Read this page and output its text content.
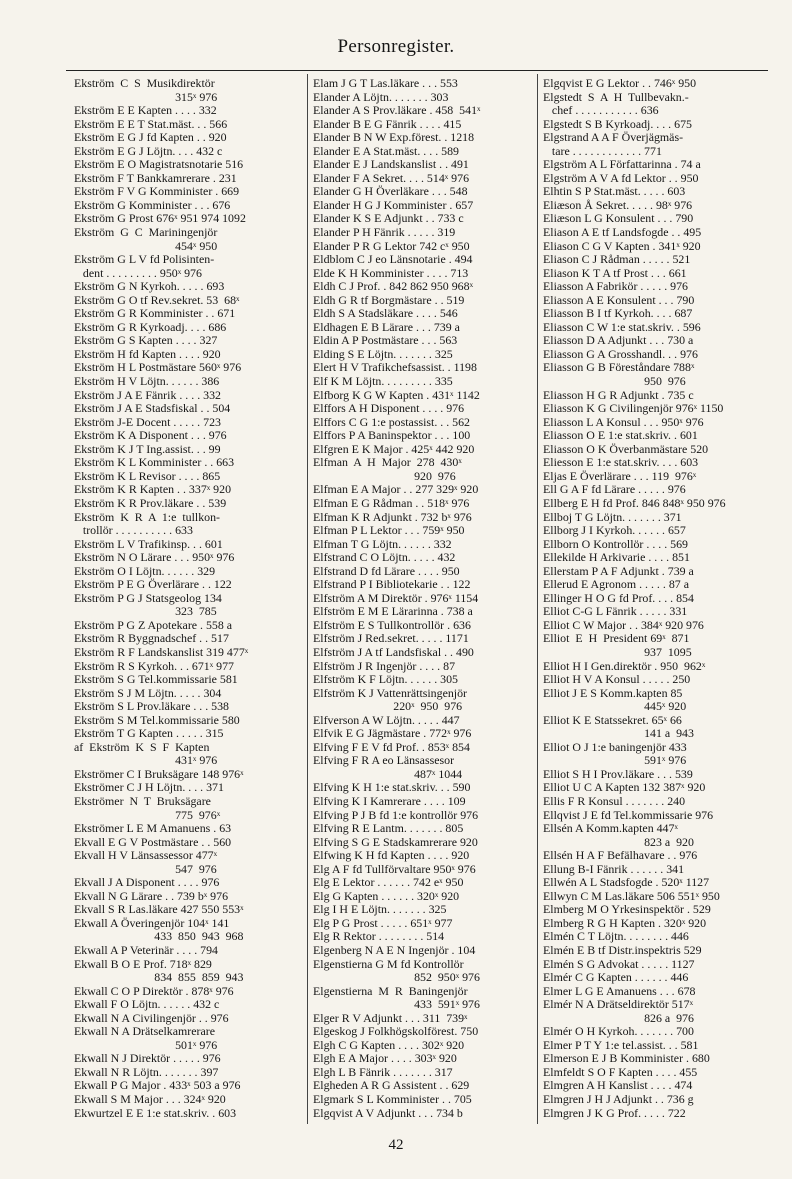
Personregister.
Ekström  C  S  Musikdirektör
315ˣ 976
Ekström E E Kapten . . . . 332
Ekström E E T Stat.mäst. . . 566
Ekström E G J fd Kapten . . 920
Ekström E G J Löjtn. . . . 432 c
Ekström E O Magistratsnotarie 516
Ekström F T Bankkamrerare . 231
Ekström F V G Komminister . 669
Ekström G Komminister . . . 676
Ekström G Prost 676ˣ 951 974 1092
Ekström  G  C  Mariningenjör
454ˣ 950
Ekström G L V fd Polisinten-
dent . . . . . . . . . 950ˣ 976
Ekström G N Kyrkoh. . . . . 693
Ekström G O tf Rev.sekret. 53  68ˣ
Ekström G R Komminister . . 671
Ekström G R Kyrkoadj. . . . 686
Ekström G S Kapten . . . . 327
Ekström H fd Kapten . . . . 920
Ekström H L Postmästare 560ˣ 976
Ekström H V Löjtn. . . . . . 386
Ekström J A E Fänrik . . . . 332
Ekström J A E Stadsfiskal . . 504
Ekström J-E Docent . . . . . 723
Ekström K A Disponent . . . 976
Ekström K J T Ing.assist. . . 99
Ekström K L Komminister . . 663
Ekström K L Revisor . . . . 865
Ekström K R Kapten . . 337ˣ 920
Ekström K R Prov.läkare . . 539
Ekström  K  R  A  1:e  tullkon-
trollör . . . . . . . . . . 633
Ekström L V Trafikinsp. . . 601
Ekström N O Lärare . . . 950ˣ 976
Ekström O I Löjtn. . . . . . 329
Ekström P E G Överlärare . . 122
Ekström P G J Statsgeolog 134
323  785
Ekström P G Z Apotekare . 558 a
Ekström R Byggnadschef . . 517
Ekström R F Landskanslist 319 477ˣ
Ekström R S Kyrkoh. . . 671ˣ 977
Ekström S G Tel.kommissarie 581
Ekström S J M Löjtn. . . . . 304
Ekström S L Prov.läkare . . . 538
Ekström S M Tel.kommissarie 580
Ekström T G Kapten . . . . . 315
af  Ekström  K  S  F  Kapten
431ˣ 976
Ekströmer C I Bruksägare 148 976ˣ
Ekströmer C J H Löjtn. . . . 371
Ekströmer  N  T  Bruksägare
775  976ˣ
Ekströmer L E M Amanuens . 63
Ekvall E G V Postmästare . . 560
Ekvall H V Länsassessor 477ˣ
547  976
Ekvall J A Disponent . . . . 976
Ekvall N G Lärare . . 739 bˣ 976
Ekvall S R Las.läkare 427 550 553ˣ
Ekwall A Överingenjör 104ˣ 141
433  850  943  968
Ekwall A P Veterinär . . . . 794
Ekwall B O E Prof. 718ˣ 829
834  855  859  943
Ekwall C O P Direktör . 878ˣ 976
Ekwall F O Löjtn. . . . . . 432 c
Ekwall N A Civilingenjör . . 976
Ekwall N A Drätselkamrerare
501ˣ 976
Ekwall N J Direktör . . . . . 976
Ekwall N R Löjtn. . . . . . . 397
Ekwall P G Major . 433ˣ 503 a 976
Ekwall S M Major . . . 324ˣ 920
Ekwurtzel E E 1:e stat.skriv. . 603
Elam J G T Las.läkare . . . 553
Elander A Löjtn. . . . . . . 303
Elander A S Prov.läkare . 458  541ˣ
Elander B E G Fänrik . . . . 415
Elander B N W Exp.förest. . 1218
Elander E A Stat.mäst. . . . 589
Elander E J Landskanslist . . 491
Elander F A Sekret. . . . 514ˣ 976
Elander G H Överläkare . . . 548
Elander H G J Komminister . 657
Elander K S E Adjunkt . . 733 c
Elander P H Fänrik . . . . . 319
Elander P R G Lektor 742 cˣ 950
Eldblom C J eo Länsnotarie . 494
Elde K H Komminister . . . . 713
Eldh C J Prof. . 842 862 950 968ˣ
Eldh G R tf Borgmästare . . 519
Eldh S A Stadsläkare . . . . 546
Eldhagen E B Lärare . . . 739 a
Eldin A P Postmästare . . . 563
Elding S E Löjtn. . . . . . . 325
Elert H V Trafikchefsassist. . 1198
Elf K M Löjtn. . . . . . . . . 335
Elfborg K G W Kapten . 431ˣ 1142
Elffors A H Disponent . . . . 976
Elffors C G 1:e postassist. . . 562
Elffors P A Baninspektor . . . 100
Elfgren E K Major . 425ˣ 442 920
Elfman  A  H  Major  278  430ˣ
920  976
Elfman E A Major . . 277 329ˣ 920
Elfman E G Rådman . . 518ˣ 976
Elfman K R Adjunkt . 732 bˣ 976
Elfman P L Lektor . . . 759ˣ 950
Elfman T G Löjtn. . . . . . 332
Elfstrand C O Löjtn. . . . . 432
Elfstrand D fd Lärare . . . . 950
Elfstrand P I Bibliotekarie . . 122
Elfström A M Direktör . 976ˣ 1154
Elfström E M E Lärarinna . 738 a
Elfström E S Tullkontrollör . 636
Elfström J Red.sekret. . . . . 1171
Elfström J A tf Landsfiskal . . 490
Elfström J R Ingenjör . . . . 87
Elfström K F Löjtn. . . . . . 305
Elfström K J Vattenrättsingenjör
220ˣ  950  976
Elfverson A W Löjtn. . . . . 447
Elfvik E G Jägmästare . 772ˣ 976
Elfving F E V fd Prof. . 853ˣ 854
Elfving F R A eo Länsassesor
487ˣ 1044
Elfving K H 1:e stat.skriv. . . 590
Elfving K I Kamrerare . . . . 109
Elfving P J B fd 1:e kontrollör 976
Elfving R E Lantm. . . . . . . 805
Elfving S G E Stadskamrerare 920
Elfwing K H fd Kapten . . . . 920
Elg A F fd Tullförvaltare 950ˣ 976
Elg E Lektor . . . . . . 742 eˣ 950
Elg G Kapten . . . . . . 320ˣ 920
Elg I H E Löjtn. . . . . . . 325
Elg P G Prost . . . . . 651ˣ 977
Elg R Rektor . . . . . . . . 514
Elgenberg N A E N Ingenjör . 104
Elgenstierna G M fd Kontrollör
852  950ˣ 976
Elgenstierna  M  R  Baningenjör
433  591ˣ 976
Elger R V Adjunkt . . . 311  739ˣ
Elgeskog J Folkhögskolförest. 750
Elgh C G Kapten . . . . 302ˣ 920
Elgh E A Major . . . . 303ˣ 920
Elgh L B Fänrik . . . . . . . 317
Elgheden A R G Assistent . . 629
Elgmark S L Komminister . . 705
Elgqvist A V Adjunkt . . . 734 b
Elgqvist E G Lektor . . 746ˣ 950
Elgstedt  S  A  H  Tullbevakn.-
chef . . . . . . . . . . . 636
Elgstedt S B Kyrkoadj. . . . 675
Elgstrand A A F Överjägmäs-
tare . . . . . . . . . . . . 771
Elgström A L Författarinna . 74 a
Elgström A V A fd Lektor . . 950
Elhtin S P Stat.mäst. . . . . 603
Eliæson Å Sekret. . . . . 98ˣ 976
Eliæson L G Konsulent . . . 790
Eliason A E tf Landsfogde . . 495
Eliason C G V Kapten . 341ˣ 920
Eliason C J Rådman . . . . . 521
Eliason K T A tf Prost . . . 661
Eliasson A Fabrikör . . . . . 976
Eliasson A E Konsulent . . . 790
Eliasson B I tf Kyrkoh. . . . 687
Eliasson C W 1:e stat.skriv. . 596
Eliasson D A Adjunkt . . . 730 a
Eliasson G A Grosshandl. . . 976
Eliasson G B Föreståndare 788ˣ
950  976
Eliasson H G R Adjunkt . 735 c
Eliasson K G Civilingenjör 976ˣ 1150
Eliasson L A Konsul . . . 950ˣ 976
Eliasson O E 1:e stat.skriv. . 601
Eliasson O K Överbanmästare 520
Eliesson E 1:e stat.skriv. . . . 603
Eljas E Överlärare . . . 119  976ˣ
Ell G A F fd Lärare . . . . . 976
Ellberg E H fd Prof. 846 848ˣ 950 976
Ellboj T G Löjtn. . . . . . . 371
Ellborg J I Kyrkoh. . . . . . 657
Ellborn O Kontrollör . . . . 569
Ellekilde H Arkivarie . . . . 851
Ellerstam P A F Adjunkt . 739 a
Ellerud E Agronom . . . . . 87 a
Ellinger H O G fd Prof. . . . 854
Elliot C-G L Fänrik . . . . . 331
Elliot C W Major . . 384ˣ 920 976
Elliot  E  H  President 69ˣ  871
937  1095
Elliot H I Gen.direktör . 950  962ˣ
Elliot H V A Konsul . . . . . 250
Elliot J E S Komm.kapten 85
445ˣ 920
Elliot K E Statssekret. 65ˣ 66
141 a  943
Elliot O J 1:e baningenjör 433
591ˣ 976
Elliot S H I Prov.läkare . . . 539
Elliot U C A Kapten 132 387ˣ 920
Ellis F R Konsul . . . . . . . 240
Ellqvist J E fd Tel.kommissarie 976
Ellsén A Komm.kapten 447ˣ
823 a  920
Ellsén H A F Befälhavare . . 976
Ellung B-I Fänrik . . . . . . 341
Ellwén A L Stadsfogde . 520ˣ 1127
Ellwyn C M Las.läkare 506 551ˣ 950
Elmberg M O Yrkesinspektör . 529
Elmberg R G H Kapten . 320ˣ 920
Elmén C T Löjtn. . . . . . . . 446
Elmén E B tf Distr.inspektris 529
Elmén S G Advokat . . . . . 1127
Elmér C G Kapten . . . . . . 446
Elmer L G E Amanuens . . . 678
Elmér N A Drätseldirektör 517ˣ
826 a  976
Elmér O H Kyrkoh. . . . . . . 700
Elmer P T Y 1:e tel.assist. . . 581
Elmerson E J B Komminister . 680
Elmfeldt S O F Kapten . . . . 455
Elmgren A H Kanslist . . . . 474
Elmgren J H J Adjunkt . . 736 g
Elmgren J K G Prof. . . . . 722
42
